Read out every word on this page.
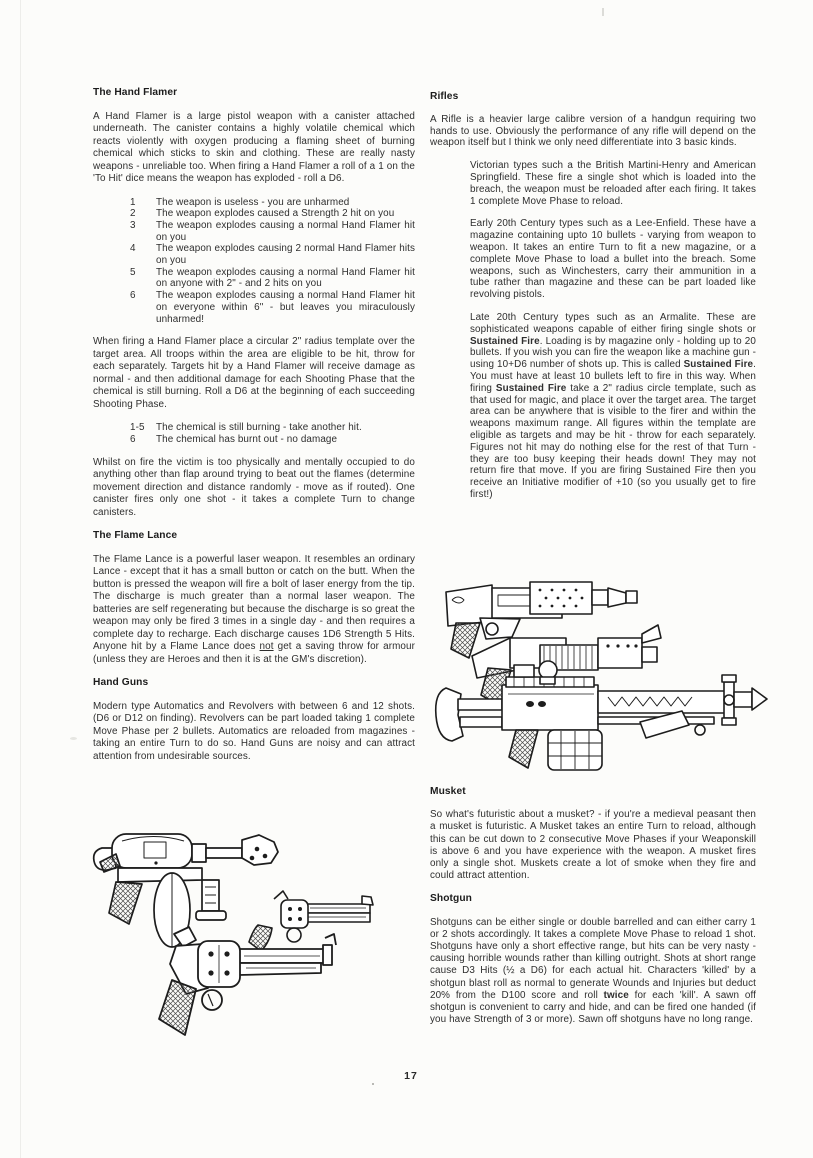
The Hand Flamer

A Hand Flamer is a large pistol weapon with a canister attached underneath. The canister contains a highly volatile chemical which reacts violently with oxygen producing a flaming sheet of burning chemical which sticks to skin and clothing. These are really nasty weapons - unreliable too. When firing a Hand Flamer a roll of a 1 on the 'To Hit' dice means the weapon has exploded - roll a D6.

1	The weapon is useless - you are unharmed
2	The weapon explodes caused a Strength 2 hit on you
3	The weapon explodes causing a normal Hand Flamer hit on you
4	The weapon explodes causing 2 normal Hand Flamer hits on you
5	The weapon explodes causing a normal Hand Flamer hit on anyone with 2" - and 2 hits on you
6	The weapon explodes causing a normal Hand Flamer hit on everyone within 6" - but leaves you miraculously unharmed!

When firing a Hand Flamer place a circular 2" radius template over the target area. All troops within the area are eligible to be hit, throw for each separately. Targets hit by a Hand Flamer will receive damage as normal - and then additional damage for each Shooting Phase that the chemical is still burning. Roll a D6 at the beginning of each succeeding Shooting Phase.

1-5	The chemical is still burning - take another hit.
6	The chemical has burnt out - no damage

Whilst on fire the victim is too physically and mentally occupied to do anything other than flap around trying to beat out the flames (determine movement direction and distance randomly - move as if routed). One canister fires only one shot - it takes a complete Turn to change canisters.

The Flame Lance

The Flame Lance is a powerful laser weapon. It resembles an ordinary Lance - except that it has a small button or catch on the butt. When the button is pressed the weapon will fire a bolt of laser energy from the tip. The discharge is much greater than a normal laser weapon. The batteries are self regenerating but because the discharge is so great the weapon may only be fired 3 times in a single day - and then requires a complete day to recharge. Each discharge causes 1D6 Strength 5 Hits. Anyone hit by a Flame Lance does not get a saving throw for armour (unless they are Heroes and then it is at the GM's discretion).

Hand Guns

Modern type Automatics and Revolvers with between 6 and 12 shots. (D6 or D12 on finding). Revolvers can be part loaded taking 1 complete Move Phase per 2 bullets. Automatics are reloaded from magazines - taking an entire Turn to do so. Hand Guns are noisy and can attract attention from undesirable sources.

Rifles

A Rifle is a heavier large calibre version of a handgun requiring two hands to use. Obviously the performance of any rifle will depend on the weapon itself but I think we only need differentiate into 3 basic kinds.

Victorian types such a the British Martini-Henry and American Springfield. These fire a single shot which is loaded into the breach, the weapon must be reloaded after each firing. It takes 1 complete Move Phase to reload.

Early 20th Century types such as a Lee-Enfield. These have a magazine containing upto 10 bullets - varying from weapon to weapon. It takes an entire Turn to fit a new magazine, or a complete Move Phase to load a bullet into the breach. Some weapons, such as Winchesters, carry their ammunition in a tube rather than magazine and these can be part loaded like revolving pistols.

Late 20th Century types such as an Armalite. These are sophisticated weapons capable of either firing single shots or Sustained Fire. Loading is by magazine only - holding up to 20 bullets. If you wish you can fire the weapon like a machine gun - using 10+D6 number of shots up. This is called Sustained Fire. You must have at least 10 bullets left to fire in this way. When firing Sustained Fire take a 2" radius circle template, such as that used for magic, and place it over the target area. The target area can be anywhere that is visible to the firer and within the weapons maximum range. All figures within the template are eligible as targets and may be hit - throw for each separately. Figures not hit may do nothing else for the rest of that Turn - they are too busy keeping their heads down! They may not return fire that move. If you are firing Sustained Fire then you receive an Initiative modifier of +10 (so you usually get to fire first!)

Musket

So what's futuristic about a musket? - if you're a medieval peasant then a musket is futuristic. A Musket takes an entire Turn to reload, although this can be cut down to 2 consecutive Move Phases if your Weaponskill is above 6 and you have experience with the weapon. A musket fires only a single shot. Muskets create a lot of smoke when they fire and could attract attention.

Shotgun

Shotguns can be either single or double barrelled and can either carry 1 or 2 shots accordingly. It takes a complete Move Phase to reload 1 shot. Shotguns have only a short effective range, but hits can be very nasty - causing horrible wounds rather than killing outright. Shots at short range cause D3 Hits (½ a D6) for each actual hit. Characters 'killed' by a shotgun blast roll as normal to generate Wounds and Injuries but deduct 20% from the D100 score and roll twice for each 'kill'. A sawn off shotgun is convenient to carry and hide, and can be fired one handed (if you have Strength of 3 or more). Sawn off shotguns have no long range.

17
